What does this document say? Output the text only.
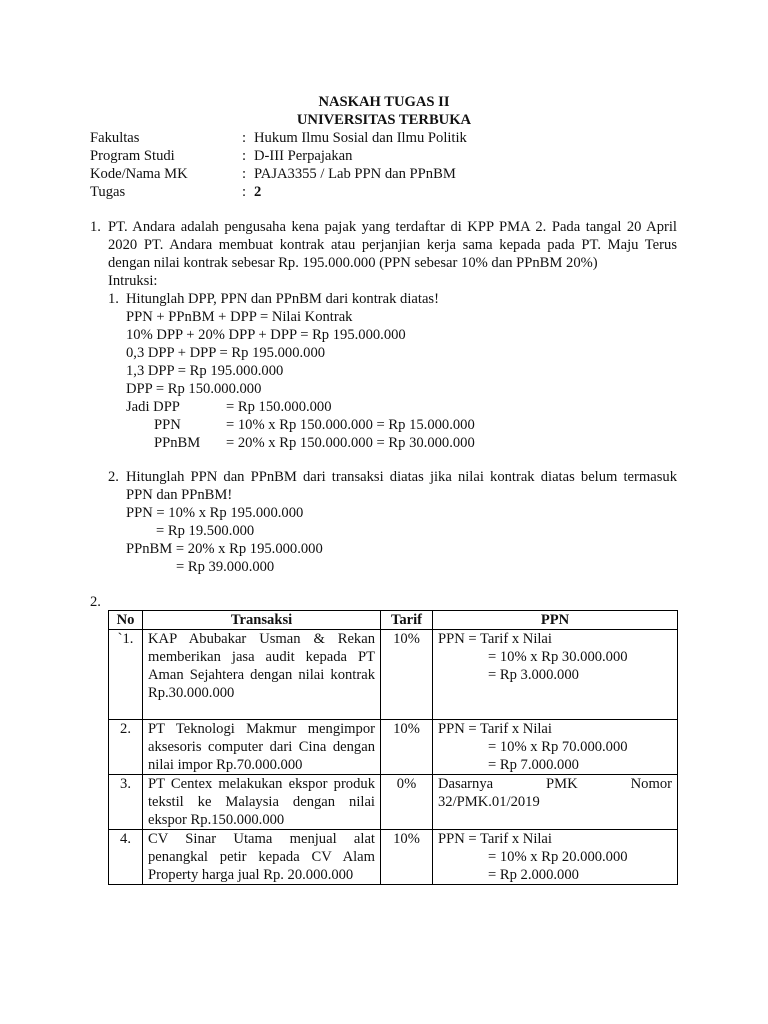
NASKAH TUGAS II
UNIVERSITAS TERBUKA
Fakultas	: Hukum Ilmu Sosial dan Ilmu Politik
Program Studi	: D-III Perpajakan
Kode/Nama MK	: PAJA3355 / Lab PPN dan PPnBM
Tugas	: 2
1. PT. Andara adalah pengusaha kena pajak yang terdaftar di KPP PMA 2. Pada tangal 20 April 2020 PT. Andara membuat kontrak atau perjanjian kerja sama kepada pada PT. Maju Terus dengan nilai kontrak sebesar Rp. 195.000.000 (PPN sebesar 10% dan PPnBM 20%)
Intruksi:
1. Hitunglah DPP, PPN dan PPnBM dari kontrak diatas!
PPN + PPnBM + DPP = Nilai Kontrak
10% DPP + 20% DPP + DPP = Rp 195.000.000
0,3 DPP + DPP = Rp 195.000.000
1,3 DPP = Rp 195.000.000
DPP = Rp 150.000.000
Jadi DPP	= Rp 150.000.000
PPN	= 10% x Rp 150.000.000 = Rp 15.000.000
PPnBM = 20% x Rp 150.000.000 = Rp 30.000.000
2. Hitunglah PPN dan PPnBM dari transaksi diatas jika nilai kontrak diatas belum termasuk PPN dan PPnBM!
PPN = 10% x Rp 195.000.000
= Rp 19.500.000
PPnBM = 20% x Rp 195.000.000
= Rp 39.000.000
2.
No	Transaksi	Tarif	PPN
`1.	KAP Abubakar Usman & Rekan memberikan jasa audit kepada PT Aman Sejahtera dengan nilai kontrak Rp.30.000.000	10%	PPN = Tarif x Nilai
= 10% x Rp 30.000.000
= Rp 3.000.000

2.	PT Teknologi Makmur mengimpor aksesoris computer dari Cina dengan nilai impor Rp.70.000.000	10%	PPN = Tarif x Nilai
= 10% x Rp 70.000.000
= Rp 7.000.000

3.	PT Centex melakukan ekspor produk tekstil ke Malaysia dengan nilai ekspor Rp.150.000.000	0%	Dasarnya PMK Nomor
32/PMK.01/2019

4.	CV Sinar Utama menjual alat penangkal petir kepada CV Alam Property harga jual Rp. 20.000.000	10%	PPN = Tarif x Nilai
= 10% x Rp 20.000.000
= Rp 2.000.000
